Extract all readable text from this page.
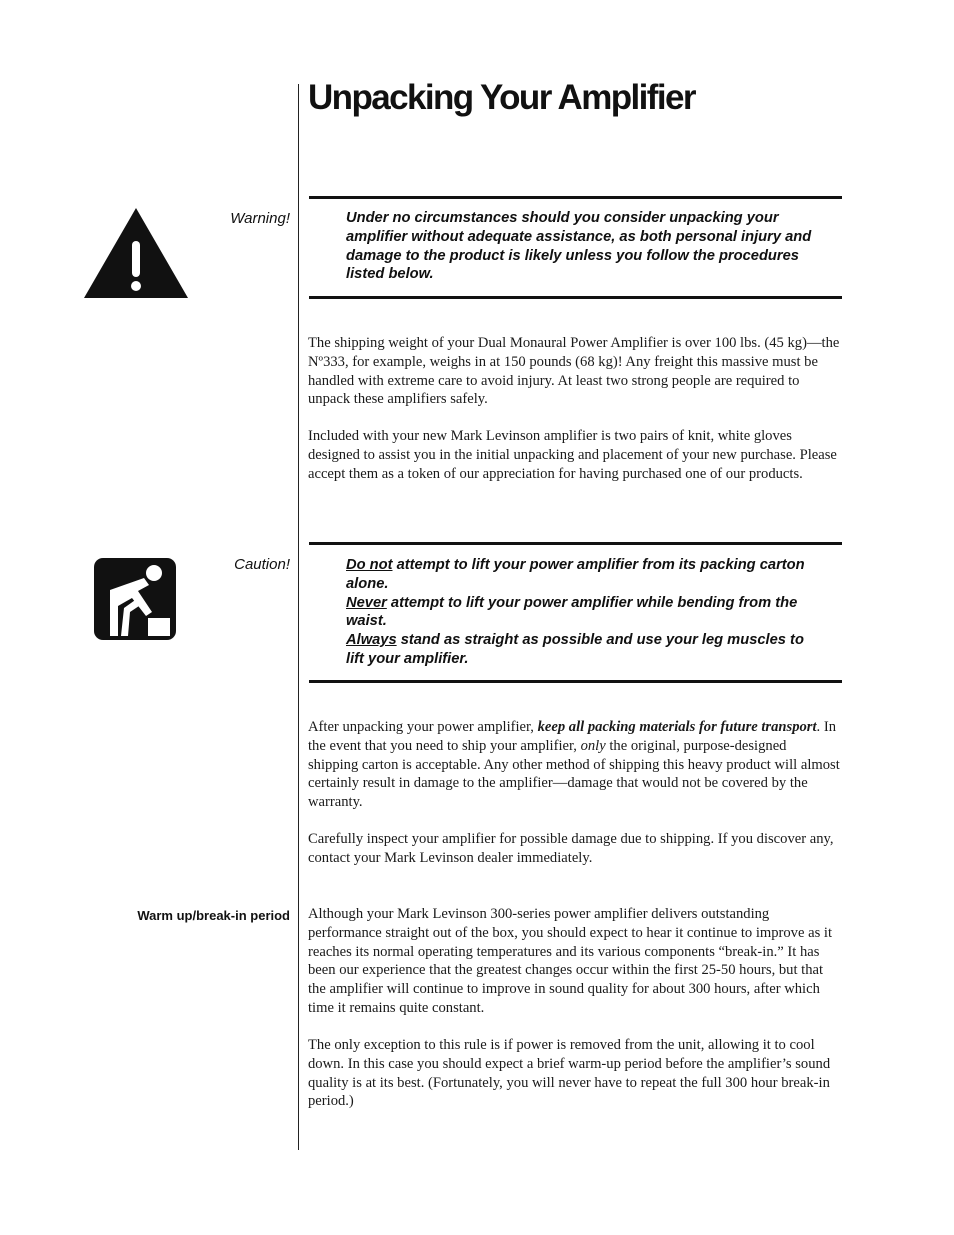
Unpacking Your Amplifier
Warning!	Under no circumstances should you consider unpacking your amplifier without adequate assistance, as both personal injury and damage to the product is likely unless you follow the procedures listed below.

The shipping weight of your Dual Monaural Power Amplifier is over 100 lbs. (45 kg)—the Nº333, for example, weighs in at 150 pounds (68 kg)! Any freight this massive must be handled with extreme care to avoid injury. At least two strong people are required to unpack these amplifiers safely.

Included with your new Mark Levinson amplifier is two pairs of knit, white gloves designed to assist you in the initial unpacking and placement of your new purchase. Please accept them as a token of our appreciation for having purchased one of our products.

Caution!	Do not attempt to lift your power amplifier from its packing carton alone.

Never attempt to lift your power amplifier while bending from the waist.

Always stand as straight as possible and use your leg muscles to lift your amplifier.

After unpacking your power amplifier, keep all packing materials for future transport. In the event that you need to ship your amplifier, only the original, purpose-designed shipping carton is acceptable. Any other method of shipping this heavy product will almost certainly result in damage to the amplifier—damage that would not be covered by the warranty.

Carefully inspect your amplifier for possible damage due to shipping. If you discover any, contact your Mark Levinson dealer immediately.

Warm up/break-in period Although your Mark Levinson 300-series power amplifier delivers outstanding performance straight out of the box, you should expect to hear it continue to improve as it reaches its normal operating temperatures and its various components “break-in.” It has been our experience that the greatest changes occur within the first 25-50 hours, but that the amplifier will continue to improve in sound quality for about 300 hours, after which time it remains quite constant.

The only exception to this rule is if power is removed from the unit, allowing it to cool down. In this case you should expect a brief warm-up period before the amplifier’s sound quality is at its best. (Fortunately, you will never have to repeat the full 300 hour break-in period.)
